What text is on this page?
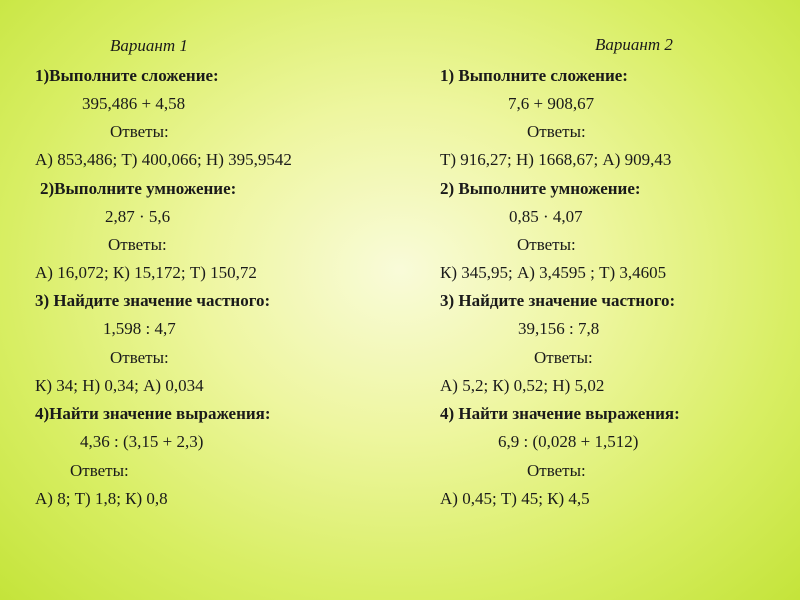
Вариант 1
1)Выполните сложение:
395,486 + 4,58
Ответы:
А) 853,486; Т) 400,066; Н) 395,9542
2)Выполните умножение:
2,87 · 5,6
Ответы:
А) 16,072; К) 15,172; Т) 150,72
3) Найдите значение частного:
1,598 : 4,7
Ответы:
К) 34; Н) 0,34; А) 0,034
4)Найти значение выражения:
4,36 : (3,15 + 2,3)
Ответы:
А) 8; Т) 1,8; К) 0,8
Вариант 2
1) Выполните сложение:
7,6 + 908,67
Ответы:
Т) 916,27; Н) 1668,67; А) 909,43
2) Выполните умножение:
0,85 · 4,07
Ответы:
К) 345,95; А) 3,4595 ; Т) 3,4605
3) Найдите значение частного:
39,156 : 7,8
Ответы:
А) 5,2; К) 0,52; Н) 5,02
4) Найти значение выражения:
6,9 : (0,028 + 1,512)
Ответы:
А) 0,45; Т) 45; К) 4,5
